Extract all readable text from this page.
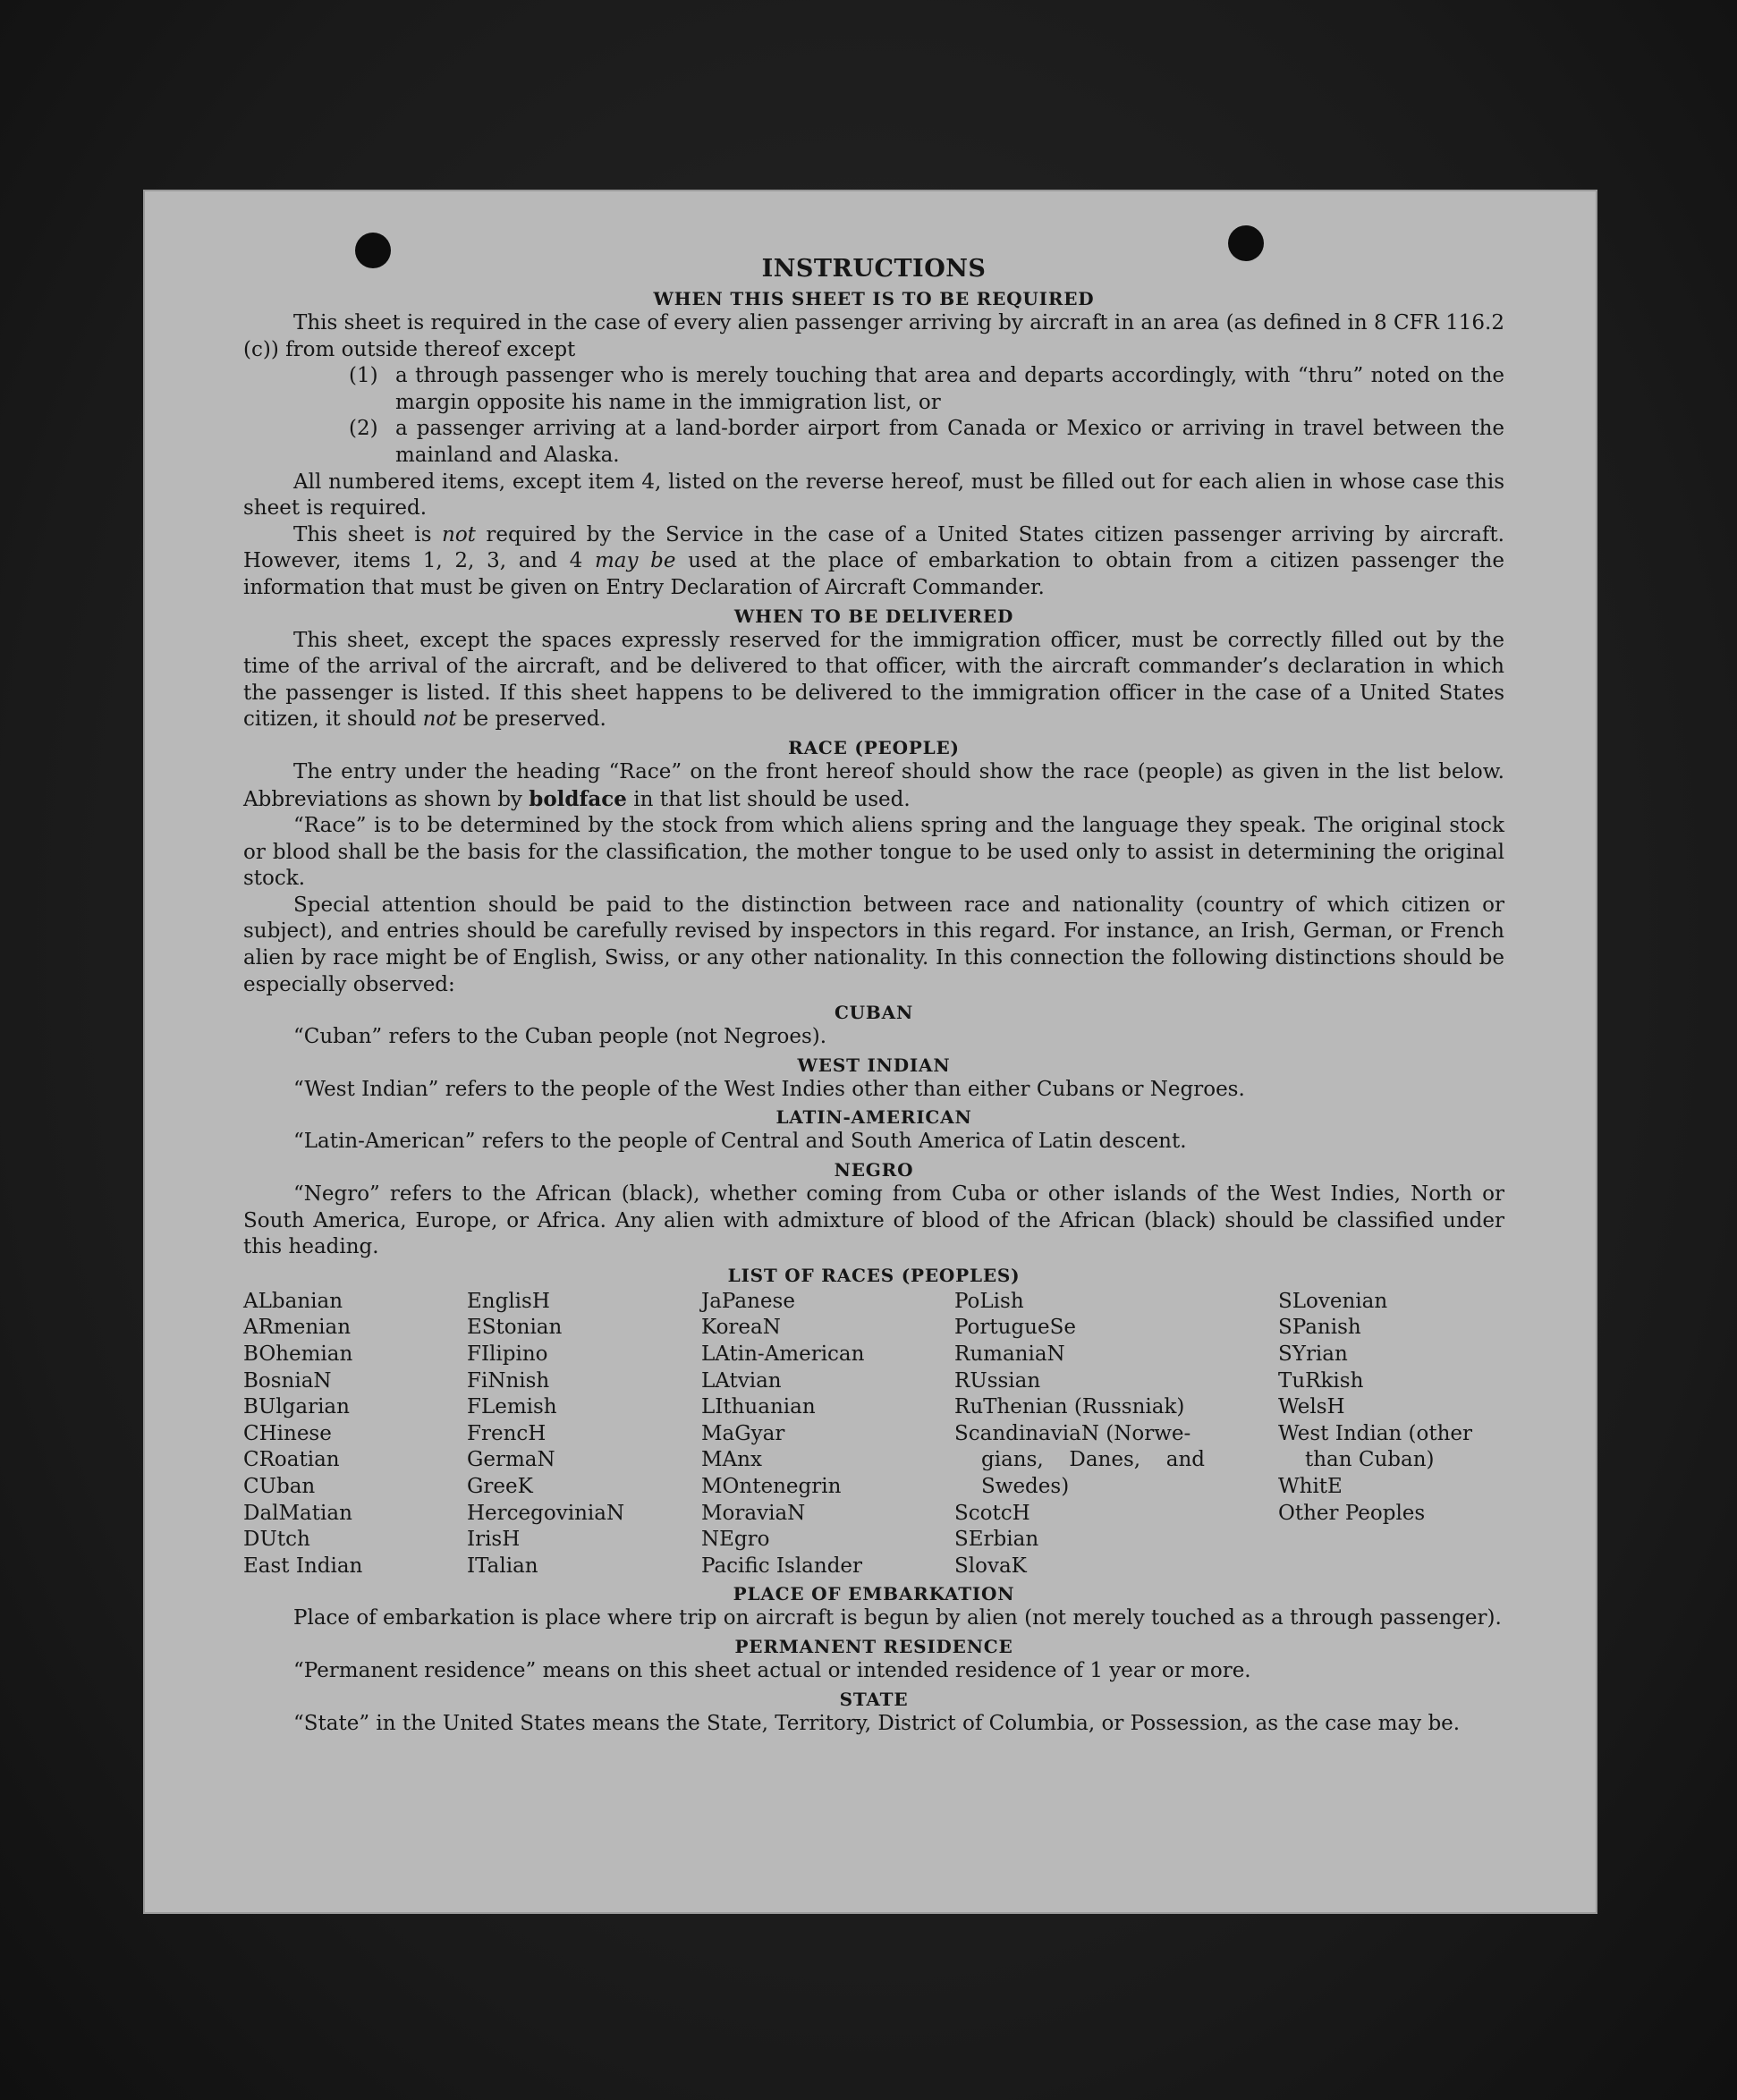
INSTRUCTIONS
WHEN THIS SHEET IS TO BE REQUIRED

This sheet is required in the case of every alien passenger arriving by aircraft in an area (as defined in 8 CFR 116.2 (c)) from outside thereof except

(1) a through passenger who is merely touching that area and departs accordingly, with “thru” noted on the margin opposite his name in the immigration list, or
(2) a passenger arriving at a land-border airport from Canada or Mexico or arriving in travel between the mainland and Alaska.

All numbered items, except item 4, listed on the reverse hereof, must be filled out for each alien in whose case this sheet is required.

This sheet is not required by the Service in the case of a United States citizen passenger arriving by aircraft. However, items 1, 2, 3, and 4 may be used at the place of embarkation to obtain from a citizen passenger the information that must be given on Entry Declaration of Aircraft Commander.

WHEN TO BE DELIVERED

This sheet, except the spaces expressly reserved for the immigration officer, must be correctly filled out by the time of the arrival of the aircraft, and be delivered to that officer, with the aircraft commander’s declaration in which the passenger is listed. If this sheet happens to be delivered to the immigration officer in the case of a United States citizen, it should not be preserved.

RACE (PEOPLE)

The entry under the heading “Race” on the front hereof should show the race (people) as given in the list below. Abbreviations as shown by boldface in that list should be used.

“Race” is to be determined by the stock from which aliens spring and the language they speak. The original stock or blood shall be the basis for the classification, the mother tongue to be used only to assist in determining the original stock.

Special attention should be paid to the distinction between race and nationality (country of which citizen or subject), and entries should be carefully revised by inspectors in this regard. For instance, an Irish, German, or French alien by race might be of English, Swiss, or any other nationality. In this connection the following distinctions should be especially observed:

CUBAN

“Cuban” refers to the Cuban people (not Negroes).

WEST INDIAN

“West Indian” refers to the people of the West Indies other than either Cubans or Negroes.

LATIN-AMERICAN

“Latin-American” refers to the people of Central and South America of Latin descent.

NEGRO

“Negro” refers to the African (black), whether coming from Cuba or other islands of the West Indies, North or South America, Europe, or Africa. Any alien with admixture of blood of the African (black) should be classified under this heading.

LIST OF RACES (PEOPLES)
ALbanian
ARmenian
BOhemian
BosniaN
BUlgarian
CHinese
CRoatian
CUban
DalMatian
DUtch
East Indian
EnglisH
EStonian
FIlipino
FiNnish
FLemish
FrencH
GermaN
GreeK
HercegoviniaN
IrisH
ITalian
JaPanese
KoreaN
LAtin-American
LAtvian
LIthuanian
MaGyar
MAnx
MOntenegrin
MoraviaN
NEgro
Pacific Islander
PoLish
PortugueSe
RumaniaN
RUssian
RuThenian (Russniak)
ScandinaviaN (Norwe-
gians, Danes, and Swedes)
ScotcH
SErbian
SlovaK
SLovenian
SPanish
SYrian
TuRkish
WelsH
West Indian (other
than Cuban)
WhitE
Other Peoples
PLACE OF EMBARKATION

Place of embarkation is place where trip on aircraft is begun by alien (not merely touched as a through passenger).

PERMANENT RESIDENCE

“Permanent residence” means on this sheet actual or intended residence of 1 year or more.

STATE

“State” in the United States means the State, Territory, District of Columbia, or Possession, as the case may be.
